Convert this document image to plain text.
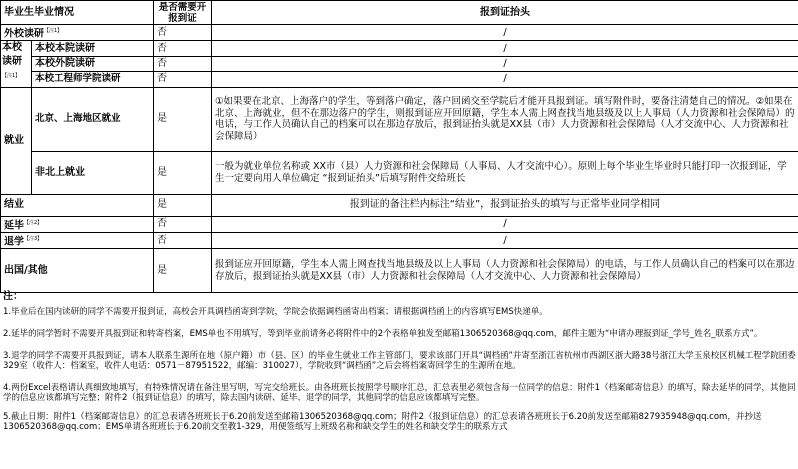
毕业生毕业情况		是否需要开报到证	报到证抬头
外校读研$^{【注1】}$		否	/
本校读研
$^{【注1】}$	本校本院读研	否	/
	本校外院读研	否	/
	本校工程师学院读研	否	/
就业	北京、上海地区就业	是	①如果要在北京、上海落户的学生，等到落户确定，落户回函交至学院后才能开具报到证。填写附件时，要备注清楚自己的情况。②如果在北京、上海就业，但不在那边落户的学生，则报到证应开回原籍，学生本人需上网查找当地县级及以上人事局（人力资源和社会保障局）的电话，与工作人员确认自己的档案可以在那边存放后，报到证抬头就是XX县（市）人力资源和社会保障局（人才交流中心、人力资源和社会保障局）
	非北上就业	是	一般为就业单位名称或 XX市（县）人力资源和社会保障局（人事局、人才交流中心）。原则上每个毕业生毕业时只能打印一次报到证，学生一定要向用人单位确定 “报到证抬头”后填写附件交给班长
结业		是	报到证的备注栏内标注“结业”，报到证抬头的填写与正常毕业同学相同
延毕$^{【注2】}$		否	/
退学$^{【注3】}$		否	/
出国/其他		是	报到证应开回原籍，学生本人需上网查找当地县级及以上人事局（人力资源和社会保障局）的电话，与工作人员确认自己的档案可以在那边存放后，报到证抬头就是XX县（市）人力资源和社会保障局（人才交流中心、人力资源和社会保障局）
注：
1.毕业后在国内读研的同学不需要开报到证，高校会开具调档函寄到学院，学院会依据调档函寄出档案；请根据调档函上的内容填写EMS快递单。
2.延毕的同学暂时不需要开具报到证和转寄档案，EMS单也不用填写，等到毕业前请务必将附件中的2个表格单独发至邮箱1306520368@qq.com，邮件主题为“申请办理报到证_学号_姓名_联系方式”。
3.退学的同学不需要开具报到证，请本人联系生源所在地（原户籍）市（县、区）的毕业生就业工作主管部门，要求该部门开具“调档函”并寄至浙江省杭州市西湖区浙大路38号浙江大学玉泉校区机械工程学院团委329室（收件人：档案室，收件人电话：0571－87951522，邮编：310027），学院收到“调档函”之后会将档案寄回学生的生源所在地。
4.两份Excel表格请认真细致地填写，有特殊情况请在备注里写明，写完交给班长。由各班班长按照学号顺序汇总，汇总表里必须包含每一位同学的信息：附件1（档案邮寄信息）的填写，除去延毕的同学，其他同学的信息应该都填写完整；附件2（报到证信息）的填写，除去国内读研、延毕、退学的同学，其他同学的信息应该都填写完整。
5.截止日期：附件1（档案邮寄信息）的汇总表请各班班长于6.20前发送至邮箱1306520368@qq.com；附件2（报到证信息）的汇总表请各班班长于6.20前发送至邮箱827935948@qq.com，并抄送1306520368@qq.com；EMS单请各班班长于6.20前交至教1-329，用便签纸写上班级名称和缺交学生的姓名和缺交学生的联系方式
